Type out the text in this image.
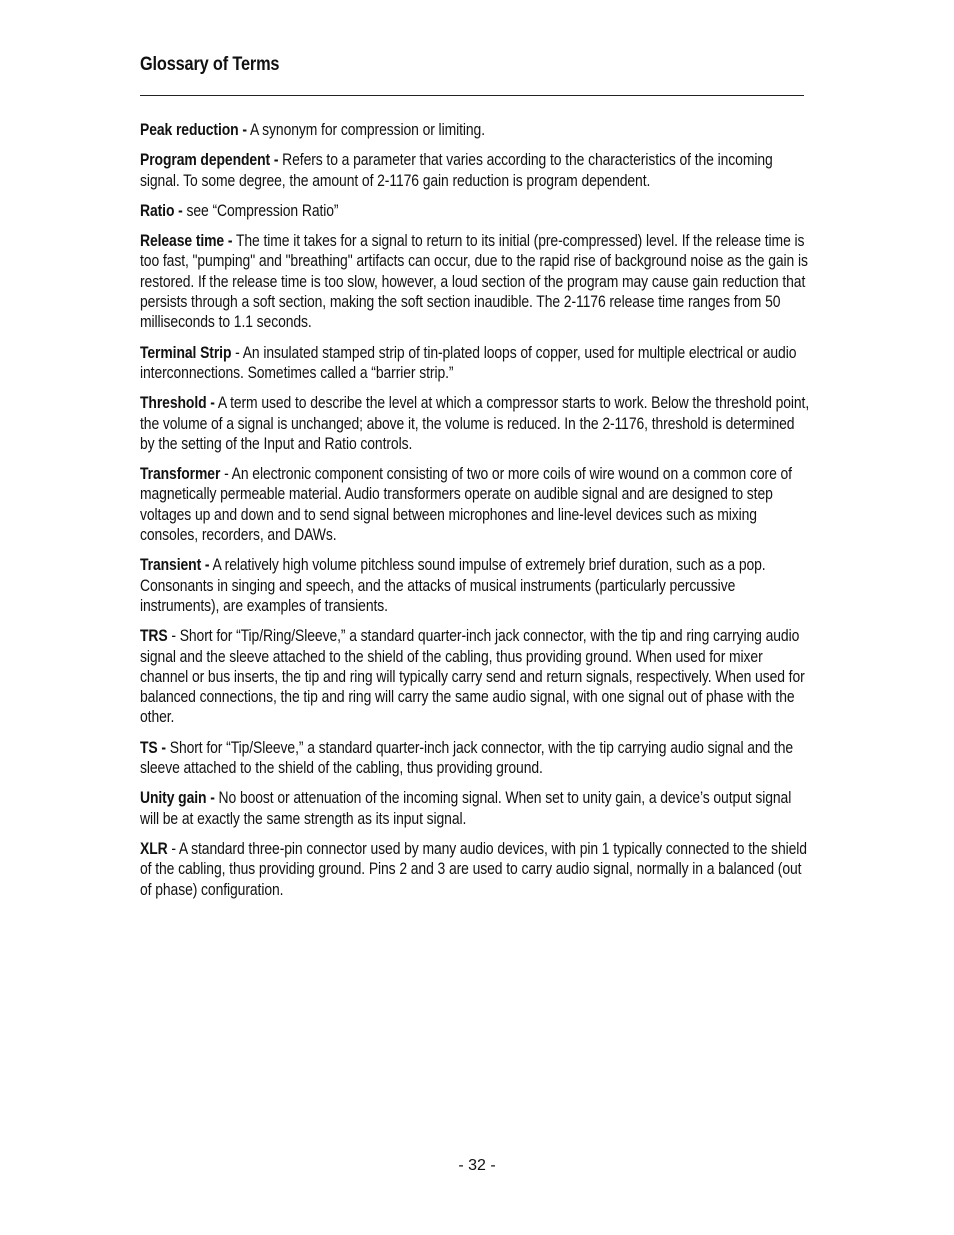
Glossary of Terms

Peak reduction - A synonym for compression or limiting.

Program dependent - Refers to a parameter that varies according to the characteristics of the incoming signal. To some degree, the amount of 2-1176 gain reduction is program dependent.

Ratio - see “Compression Ratio”

Release time - The time it takes for a signal to return to its initial (pre-compressed) level. If the release time is too fast, "pumping" and "breathing" artifacts can occur, due to the rapid rise of background noise as the gain is restored. If the release time is too slow, however, a loud section of the program may cause gain reduction that persists through a soft section, making the soft section inaudible. The 2-1176 release time ranges from 50 milliseconds to 1.1 seconds.

Terminal Strip - An insulated stamped strip of tin-plated loops of copper, used for multiple electrical or audio interconnections. Sometimes called a “barrier strip.”

Threshold - A term used to describe the level at which a compressor starts to work. Below the threshold point, the volume of a signal is unchanged; above it, the volume is reduced. In the 2-1176, threshold is determined by the setting of the Input and Ratio controls.

Transformer - An electronic component consisting of two or more coils of wire wound on a common core of magnetically permeable material. Audio transformers operate on audible signal and are designed to step voltages up and down and to send signal between microphones and line-level devices such as mixing consoles, recorders, and DAWs.

Transient - A relatively high volume pitchless sound impulse of extremely brief duration, such as a pop. Consonants in singing and speech, and the attacks of musical instruments (particularly percussive instruments), are examples of transients.

TRS - Short for “Tip/Ring/Sleeve,” a standard quarter-inch jack connector, with the tip and ring carrying audio signal and the sleeve attached to the shield of the cabling, thus providing ground. When used for mixer channel or bus inserts, the tip and ring will typically carry send and return signals, respectively. When used for balanced connections, the tip and ring will carry the same audio signal, with one signal out of phase with the other.

TS - Short for “Tip/Sleeve,” a standard quarter-inch jack connector, with the tip carrying audio signal and the sleeve attached to the shield of the cabling, thus providing ground.

Unity gain - No boost or attenuation of the incoming signal. When set to unity gain, a device’s output signal will be at exactly the same strength as its input signal.

XLR - A standard three-pin connector used by many audio devices, with pin 1 typically connected to the shield of the cabling, thus providing ground. Pins 2 and 3 are used to carry audio signal, normally in a balanced (out of phase) configuration.

- 32 -
